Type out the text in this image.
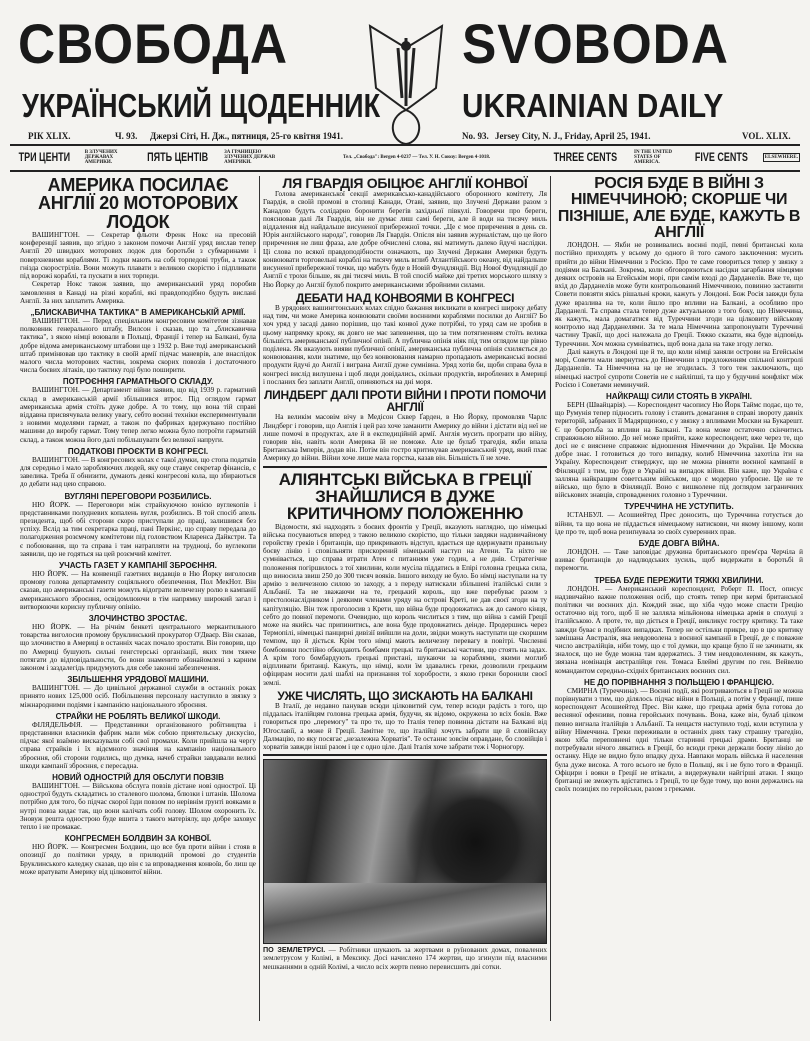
СВОБОДА	SVOBODA
УКРАЇНСЬКИЙ ЩОДЕННИК UKRAINIAN DAILY
РІК XLIX.	Ч. 93. Джерзі Сіті, Н. Дж., пятниця, 25-го квітня 1941.	No. 93. Jersey City, N. J., Friday, April 25, 1941.	VOL. XLIX.
ТРИ ЦЕНТИ	В ЗЛУЧЕНИХ ДЕРЖАВАХ АМЕРИКИ.	ПЯТЬ ЦЕНТІВ	ЗА ГРАНИЦЕЮ ЗЛУЧЕНИХ ДЕРЖАВ АМЕРИКИ.
Тел. „Свобода": Bergen 4-0237 — Тел. У. Н. Союзу: Bergen 4-1018.	THREE CENTS	IN THE UNITED STATES OF AMERICA.	FIVE CENTS	ELSEWHERE.
АМЕРИКА ПОСИЛАЄ АНГЛІЇ 20 МОТОРОВИХ ЛОДОК

ВАШИНГТОН. — Секретар фльоти Френк Нокс на пресовій конференції заявив, що згідно з законом помочи Англії уряд вислав тепер Англії 20 швидких моторових лодок для боротьби з субмаринами і поверхневими кораблями. Ті лодки мають на собі торпедові труби, а також гнізда скорострілів. Вони можуть плавати з великою скорістю і підпливати під ворожі кораблі, та пускати в них торпеди.

Секретар Нокс також заявив, що американський уряд поробив замовлення в Канаді на різні кораблі, які правдоподібно будуть вислані Англії. За них заплатить Америка.

„БЛИСКАВИЧНА ТАКТИКА" В АМЕРИКАНСЬКІЙ АРМІЇ.

ВАШИНГТОН. — Перед спеціяльним конгресовим комітетом зізнавав полковник генерального штабу, Вилсон і сказав, що та „блискавична тактика", з якою німці воювали в Польщі, Франції і тепер на Балкані, була добре відома американському штабови ще з 1932 р. Вже тоді американський штаб примінював цю тактику в своїй армії підчас маневрів, але внаслідок малого числа моторових частин, зокрема скорих повозів і достаточного числа боєвих літаків, цю тактику годі було поширити.

ПОТРОЄННЯ ГАРМАТНЬОГО СКЛАДУ.

ВАШИНГТОН. — Департамент війни заявив, що від 1939 р. гарматний склад в американській армії збільшився втроє. Під оглядом гармат американська армія стоїть дуже добре. А то тому, що вона тій справі віддавна присвячувала велику увагу, себто воєнні техніки експериментували з новими моделями гармат, а також по фабриках вдержувано постійно машини до виробу гармат. Тому тепер легко можна було потроїти гарматній склад, а також можна його далі побільшувати без великої напруги.

ПОДАТКОВІ ПРОЄКТИ В КОНГРЕСІ.

ВАШИНГТОН. — В конгресових колах є такої думки, що стопа податків для середньо і мало заробляючих людей, яку оце ставує секретар фінансів, є завелика. Треба її обнизити, думають деякі конгресові кола, що збираються до дебати над цею справою.

ВУГЛЯНІ ПЕРЕГОВОРИ РОЗБИЛИСЬ.

НЮ ЙОРК. — Переговори між страйкуючою юнією вуглекопів і представниками полудневих копалень вугля, розбились. В той спосіб апель президента, щоб обі сторони скоро приступали до праці, залишився без успіху. Вслід за тим секретарка праці, пані Перкінс, що справу передала до полагодження розємчому комітетови під головством Кларенса Дайкстри. Та є побоювання, що та справа і там натрапляти на трудноці, бо вуглекопи заявили, що не годяться на цей розємчий комітет.

УЧАСТЬ ГАЗЕТ У КАМПАНІЇ ЗБРОЄННЯ.

НЮ ЙОРК. — На конвенції газетних видавців в Ню Йорку виголосив промову голова департаменту соціяльного обезпечення, Пол МекНот. Він сказав, що американські газети можуть відограти величезну ролю в кампанії американського зброєння, освідомлюючи в тім напрямку широкий загал і витворюючи корисну публичну опінію.

ЗЛОЧИНСТВО ЗРОСТАЄ.

НЮ ЙОРК. — На річнім бенкеті центрального меркантильного товарства виголосив промову бруклинський прокуратор О'Дваєр. Він сказав, що злочинство в Америці в останніх часах почало зростати. Він говорив, що по Америці бушують сильні генгстерські організації, яких тим тяжче потягати до відповідальности, бо вони знаменито обзнайомлені з карним законом і заздалегідь придумують для себе законні забезпечення.

ЗБІЛЬШЕННЯ УРЯДОВОЇ МАШИНИ.

ВАШИНГТОН. — До цивільної державної служби в останніх роках принято нових 125,000 осіб. Побільшення персоналу наступило в звязку з міжнародними подіями і кампанією національного зброєння.

СТРАЙКИ НЕ РОБЛЯТЬ ВЕЛИКОЇ ШКОДИ.

ФІЛЯДЕЛЬФІЯ. — Представники організованого робітництва і представники власників фабрик мали між собою приятельську дискусію, підчас якої взаїмно висказували собі свої промахи. Коли прийшла на чергу справа страйків і їх відємного значіння на кампанію національного зброєння, обі сторони годились, що думка, начеб страйки завдавали великі шкоди кампанії зброєння, є пересадна.

НОВИЙ ОДНОСТРІЙ ДЛЯ ОБСЛУГИ ПОВЗІВ

ВАШИНГТОН. — Військова обслуга повзів дістане нові однострої. Ці однострої будуть складатись зо сталевого шолома, блюзки і штанів. Шолома потрібно для того, бо підчас скорої їзди повзом по нерівнім ґрунті вояками в нутрі повза кидає так, що вони калічать собі голову. Шолом охоронить їх. Зновуж решта однострою буде вшита з такого матеріялу, що добре заховує тепло і не промакає.

КОНГРЕСМЕН БОЛДВИН ЗА КОНВОЇ.

НЮ ЙОРК. — Конгресмен Болдвин, що все був проти війни і стояв в опозиції до політики уряду, в прилюдній промові до студентів Бруклинського каледжу сказав, що він є за впровадження конвоїв, бо лиш це може вратувати Америку від цілковитої війни.

ЛЯ ГВАРДІЯ ОБІЦЮЄ АНГЛІЇ КОНВОЇ

Голова американської секції американсько-канадійського оборонного комітету, Ля Гвардія, в своїй промові в столиці Канади, Отаві, заявив, що Злучені Держави разом з Канадою будуть солідарно боронити берегів західньої півкулі. Говорячи про береги, пояснював далі Ля Гвардія, він не думає лиш самі береги, але й води на тисячу миль віддалення від найдальше висуненої прибережної точки. „Це є мое приречення в день св. Юрія англійського народа", говорив Ля Гвардія. Опісля він заявив журналістам, що це його приречення не лиш фраза, але добре обчислені слова, які матимуть далеко йдучі наслідки. Ці слова по всякої правдоподібности означають, що Злучені Держави Америки будуть конвоювати торговельні кораблі на тисячу миль вглиб Атлантійського океану, від найдальше висуненої прибережної точки, що мабуть буде в Новій Фундляндії. Від Нової Фундляндії до Англії є трохи більше, як дві тисячі миль. В той спосіб майже дві третих морського шляху з Ню Йорку до Англії булоб покрито американськими збройними силами.

ДЕБАТИ НАД КОНВОЯМИ В КОНГРЕСІ

В урядових вашингтонських колах слідно бажання викликати в конгресі широку дебату над тим, чи може Америка конвоювати своїми воєнними кораблями посилки до Англії? Бо хоч уряд у засаді давно порішив, що такі конвої дуже потрібні, то уряд сам не зробив в цьому напрямку кроку, як довго не має запевнення, що за тим потягненням стоїть велика більшість американської публичної опінії. А публична опінія ніяк під тим оглядом ще рівно поділена. Як вказують вияви публичної опінії, американська публична опінія схиляється до конвоювання, коли знатиме, що без конвоювання намарно пропадають американські воєнні продукти йдучі до Англії і виграна Англії дуже сумнівна. Уряд хотів би, щоби справа була в конгресі вислід вилушена і щоб люди довідались, скільки продуктів, вироблених в Америці і посланих без заплати Англії, опиняються на дні моря.

ЛИНДБЕРГ ДАЛІ ПРОТИ ВІЙНИ І ПРОТИ ПОМОЧИ АНГЛІЇ

На великім масовім вічу в Медісон Сквер Ґарден, в Ню Йорку, промовляв Чарлс Линдберг і говорив, що Англія і цей раз хоче заманити Америку до війни і дістати від неї не лише помочі в продуктах, але й в експедиційній армії. Англія мусить програти цю війну, говорив він, навіть коли Америка їй не поможе. Але це булаб трагедія, якби впала Британська Імперія, додав він. Потім він гостро критикував американський уряд, який пхає Америку до війни. Війни хоче лише мала горстка, казав він. Більшість її не хоче.

АЛІЯНТСЬКІ ВІЙСЬКА В ГРЕЦІЇ ЗНАЙШЛИСЯ В ДУЖЕ КРИТИЧНОМУ ПОЛОЖЕННЮ

Відомости, які надходять з боєвих фронтів у Греції, вказують наглядно, що німецькі війська посуваються вперед з такою великою скорістю, що тільки завдяки надзвичайному геройству греків і британців, що прикривають відступ, вдається ще вдержувати правильну боєву лінію і сповільняти прискорений німецький наступ на Атени. Та ніхто не сумнівається, що справа втрати Атен є питанням уже годин, а не днів. Стратегічне положення погіршилось з тої хвилини, коли мусіла піддатись в Епірі головна грецька сила, що виносила звиш 250 до 300 тисяч вояків. Іншого виходу не було. Бо німці наступали на ту армію з величезною силою зо заходу, а з переду натискали збільшені італійські сили з Альбанії. Та не зважаючи на те, грецький король, що вже перебуває разом з престолонаслідником і деякими членами уряду на острові Креті, не дав своєї згоди на ту капітуляцію. Він теж проголосив з Крети, що війна буде продовжатись аж до самого кінця, себто до повної перемоги. Очевидно, що король числиться з тим, що війна з самій Греції може на якийсь час припинитись, але вона буде продовжатись деінде. Продершись через Термопілі, німецькі панцирні дивізії вийшли на доли, звідки можуть наступати ще скоршим темпом, що й діється. Крім того німці мають величезну перевагу в повітрі. Численні бомбовики постійно обкидають бомбами грецькі та британські частини, що стоять на задах. А крім того бомбардують грецькі пристані, шукаючи за кораблями, якими моглиб відпливати британці. Кажуть, що німці, коли їм здавались греки, дозволили грецьким офіцирам носити далі шаблі на признання тої хоробрости, з якою греки боронили своєї землі.

УЖЕ ЧИСЛЯТЬ, ЩО ЗИСКАЮТЬ НА БАЛКАНІ

В Італії, де недавно панував всюди цілковитий сум, тепер всюди радість з того, що піддалась італійцям головна грецька армія, будучи, як відомо, окружена зо всіх боків. Вже говориться про „перемогу" та про те, що то Італія тепер повинна дістати на Балкані від Югославії, а може й Греції. Замітне те, що італійці хочуть забрати ще й словійську Далмацію, по яку посягає „незалежна Хорватія". Те останнє зовсім оправдане, бо словійців і хорватів завжди інші разом і це є одно ціле. Далі Італія хоче забрати теж і Чорногору.

ПО ЗЕМЛЕТРУСІ. — Робітники шукають за жертвами в руїнованих домах, повалених землетрусом у Колімі, в Мексику. Досі начислено 174 жертви, що згинули під власними мешканнями в одній Колімі, а число всіх жертв певно перевисшить дві сотки.
РОСІЯ БУДЕ В ВІЙНІ З НІМЕЧЧИНОЮ; СКОРШЕ ЧИ ПІЗНІШЕ, АЛЕ БУДЕ, КАЖУТЬ В АНГЛІЇ

ЛОНДОН. — Якби не розвивались воєнні події, певні британські кола постійно приходять у всьому до одного й того самого заключення: мусить прийти до війни Німеччини з Росією. Про те саме говориться тепер у звязку з подіями на Балкані. Зокрема, коли обговорюються насідки загарбання німцями деяких островів на Егейськім морі, при самім вході до Дарданелів. Вже те, що вхід до Дарданелів може бути контрольований Німеччиною, повинно заставити Совети повзяти якісь рішальні кроки, кажуть у Лондоні. Бож Росія завжди була дуже вразлива на те, коли йшло про впливи на Балкані, а особливо про Дарданелі. Та справа стала тепер дуже актуальною з того боку, що Німеччина, як кажуть, мала домагатися від Туреччини згоди на цілковиту військову контролю над Дарданелями. За те мала Німеччина запропонувати Туреччині частину Тракії, що досі належала до Греції. Тяжко сказати, яка буде відповідь Туреччини. Хоч можна сумніватись, щоб вона дала на таке згоду легко.

Далі кажуть в Лондоні ще й те, що коли німці заняли острови на Егейськім морі, Совети мали звернутись до Німеччини з предложенням спільної контролі Дарданелів. Та Німеччина на це не згодилась. З того теж заключають, що німецькі настрої супроти Советів не є найліпші, та що у будучині конфлікт між Росією і Советами неминучий.

НАЙКРАЩІ СИЛИ СТОЯТЬ В УКРАЇНІ.

БЕРН (Швайцарія). — Кореспондент часопису Ню Йорк Таймс подає, що те, що Румунія тепер підносить голову і ставить домагання в справі звороту давніх територій, забраних її Мадярщиною, є у звязку з впливами Москви на Букарешт. Є це боротьба за впливи на Балкані. Та вона може остаточно скінчитись справжньою війною. До неї може прийти, каже кореспондент, вже через те, що досі не є вияснене справжнє відношення Німеччини до України. Це Москва добре знає. І готовиться до того випадку, колиб Німеччина захотіла іти на Україну. Кореспондент стверджує, що не можна рівняти воєнної кампанії в Фінляндії з тим, що буде в Україні на випадок війни. Він каже, що Україна є залляна найкращим советським військом, що є модерно узброєне. Це не те військо, що було в Фінляндії. Воно є вишколене під доглядом заграничних військових знавців, спроваджених головно з Туреччини.

ТУРЕЧЧИНА НЕ УСТУПИТЬ.

ІСТАНБУЛ. — Асошиейтед Прес доносить, що Туреччина готується до війни, та що вона не піддасться німецькому натискови, чи якому іншому, коли іде про те, щоб вона резиґнувала зо своїх суверенних прав.

БУДЕ ДОВГА ВІЙНА.

ЛОНДОН. — Таке заповідає дружина британського прем'єра Черчіла й взиває британців до надлюдських зусиль, щоб видержати в боротьбі й перемогти.

ТРЕБА БУДЕ ПЕРЕЖИТИ ТЯЖКІ ХВИЛИНИ.

ЛОНДОН. — Американський кореспондент, Роберт П. Пост, описує надзвичайно важне положення осіб, що стоять тепер при кермі британської політики чи воєнних діл. Кождий знає, що хіба чудо може спасти Грецію остаточно від того, щоб її не залляла мільйонова німецька армія в сполуці з італійською. А проте, те, що діється в Греції, викликує гостру критику. Та таке завжди буває в подібних випадках. Тепер не остільки прикре, що в цю критику замішана Австралія, яка невдоволена з воєнної кампанії в Греції, де є поважне число австралійців, ніби тому, що є тої думки, що краще було її не зачинати, як зналося, що не буде можна там вдержатись. З тим невдоволенням, як кажуть, звязана номінація австралійця ген. Томаса Блеймі другим по ген. Вейвелю командантом середньо-східніх британських воєнних сил.

НЕ ДО ПОРІВНАННЯ З ПОЛЬЩЕЮ І ФРАНЦІЄЮ.

СМИРНА (Туреччина). — Воєнні події, які розгриваються в Греції не можна порівнувати з тим, що ділялось підчас війни в Польщі, а потім у Франції, пише кореспондент Асошиейтед Прес. Він каже, що грецька армія була готова до весняної офензиви, повна геройських почувань. Вона, каже він, булаб цілком певно вигнала італійців з Альбанії. Та нещастя наступило тоді, коли вступила у війну Німеччина. Греки переживали в останніх днях таку страшну трагедію, якою хіба переповнені одні тільки старинні грецькі драми. Британці не потребували нічого лякатись в Греції, бо всюди греки держали боєву лінію до останку. Ніде не видно було впадку духа. Навпаки мораль війська й населення була дуже висока. А того всього не було в Польщі, як і не було того в Франції. Офіцири і вояки в Греції не втікали, а видержували найгірші атаки. І якщо британці не зможуть вдістатись з Греції, то це буде тому, що вони держались на своїх позиціях по геройськи, разом з греками.
